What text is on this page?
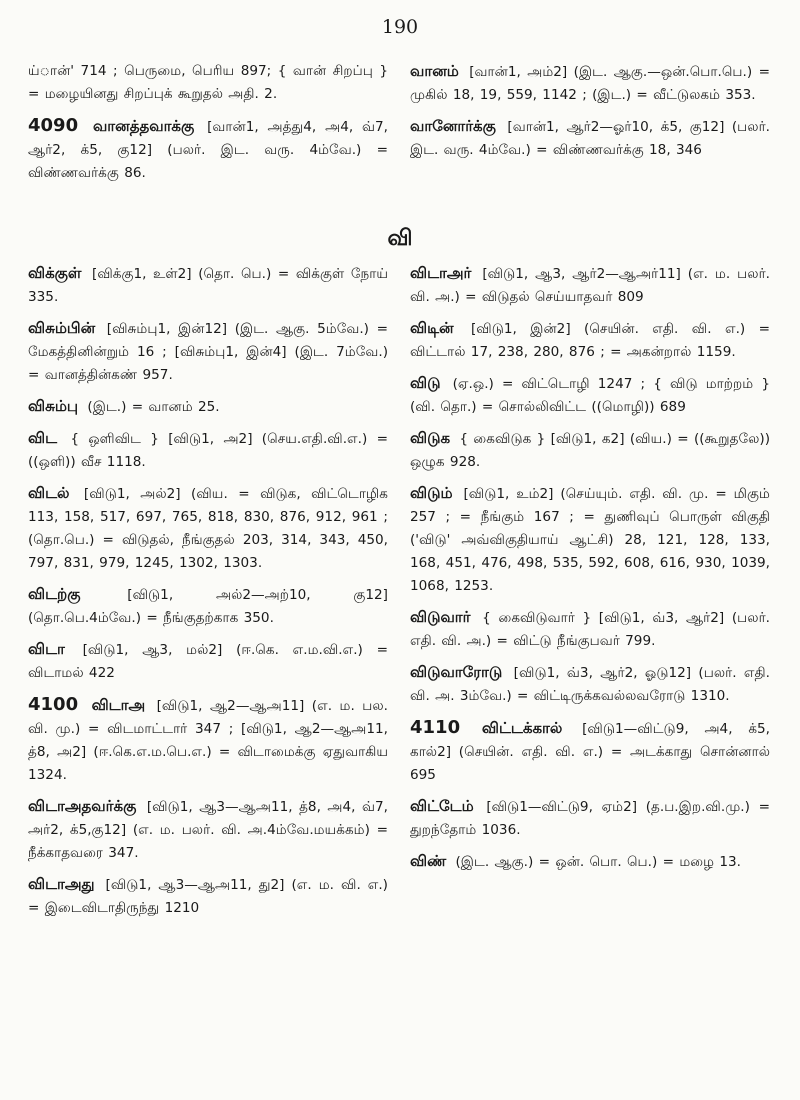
190
ய்ான்' 714 ; பெருமை, பெரிய 897; { வான் சிறப்பு } = மழையினது சிறப்புக் கூறுதல் அதி. 2.
4090 வானத்தவாக்கு [வான்1, அத்து4, அ4, வ்7, ஆர்2, க்5, கு12] (பலர். இட. வரு. 4ம்வே.) = விண்ணவர்க்கு 86.
வானம் [வான்1, அம்2] (இட. ஆகு.—ஒன்.பொ.பெ.) = முகில் 18, 19, 559, 1142 ; (இட.) = வீட்டுலகம் 353.
வானோர்க்கு [வான்1, ஆர்2—ஓர்10, க்5, கு12] (பலர். இட. வரு. 4ம்வே.) = விண்ணவர்க்கு 18, 346
வி
விக்குள் [விக்கு1, உள்2] (தொ. பெ.) = விக்குள் நோய் 335.
விசும்பின் [விசும்பு1, இன்12] (இட. ஆகு. 5ம்வே.) = மேகத்தினின்றும் 16 ; [விசும்பு1, இன்4] (இட. 7ம்வே.) = வானத்தின்கண் 957.
விசும்பு (இட.) = வானம் 25.
விட { ஒளிவிட } [விடு1, அ2] (செய.எதி.வி.எ.) = ((ஒளி)) வீச 1118.
விடல் [விடு1, அல்2] (விய. = விடுக, விட்டொழிக 113, 158, 517, 697, 765, 818, 830, 876, 912, 961 ; (தொ.பெ.) = விடுதல், நீங்குதல் 203, 314, 343, 450, 797, 831, 979, 1245, 1302, 1303.
விடற்கு	[விடு1, அல்2—அற்10, கு12] (தொ.பெ.4ம்வே.) = நீங்குதற்காக 350.
விடா [விடு1, ஆ3, மல்2] (ஈ.கெ. எ.ம.வி.எ.) = விடாமல் 422
4100 விடாஅ [விடு1, ஆ2—ஆஅ11] (எ. ம. பல. வி. மு.) = விடமாட்டார் 347 ; [விடு1, ஆ2—ஆஅ11, த்8, அ2] (ஈ.கெ.எ.ம.பெ.எ.) = விடாமைக்கு ஏதுவாகிய 1324.
விடாஅதவர்க்கு [விடு1, ஆ3—ஆஅ11, த்8, அ4, வ்7, அர்2, க்5,கு12] (எ. ம. பலர். வி. அ.4ம்வே.மயக்கம்) = நீக்காதவரை 347.
விடாஅது [விடு1, ஆ3—ஆஅ11, து2] (எ. ம. வி. எ.) = இடைவிடாதிருந்து 1210
விடாஅர் [விடு1, ஆ3, ஆர்2—ஆஅர்11] (எ. ம. பலர். வி. அ.) = விடுதல் செய்யாதவர் 809
விடின் [விடு1, இன்2] (செயின். எதி. வி. எ.) = விட்டால் 17, 238, 280, 876 ; = அகன்றால் 1159.
விடு (ஏ.ஒ.) = விட்டொழி 1247 ; { விடு மாற்றம் } (வி. தொ.) = சொல்லிவிட்ட ((மொழி)) 689
விடுக { கைவிடுக } [விடு1, க2] (விய.) = ((கூறுதலே)) ஒழுக 928.
விடும் [விடு1, உம்2] (செய்யும். எதி. வி. மு. = மிகும் 257 ; = நீங்கும் 167 ; = துணிவுப் பொருள் விகுதி ('விடு' அவ்விகுதியாய் ஆட்சி) 28, 121, 128, 133, 168, 451, 476, 498, 535, 592, 608, 616, 930, 1039, 1068, 1253.
விடுவார் { கைவிடுவார் } [விடு1, வ்3, ஆர்2] (பலர். எதி. வி. அ.) = விட்டு நீங்குபவர் 799.
விடுவாரோடு [விடு1, வ்3, ஆர்2, ஓடு12] (பலர். எதி. வி. அ. 3ம்வே.) = விட்டிருக்கவல்லவரோடு 1310.
4110 விட்டக்கால் [விடு1—விட்டு9, அ4, க்5, கால்2] (செயின். எதி. வி. எ.) = அடக்காது சொன்னால் 695
விட்டேம் [விடு1—விட்டு9, ஏம்2] (த.ப.இற.வி.மு.) = துறந்தோம் 1036.
விண் (இட. ஆகு.) = ஒன். பொ. பெ.) = மழை 13.
